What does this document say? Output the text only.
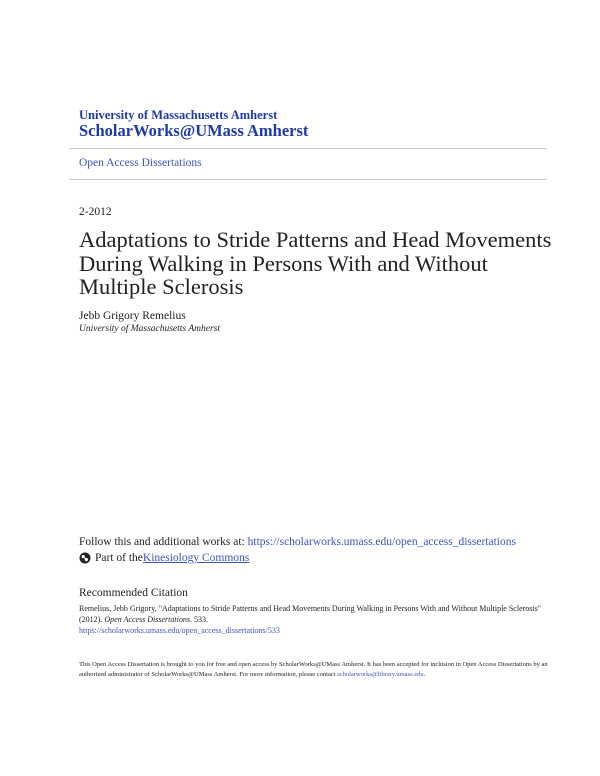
University of Massachusetts Amherst
ScholarWorks@UMass Amherst
Open Access Dissertations
2-2012
Adaptations to Stride Patterns and Head Movements During Walking in Persons With and Without Multiple Sclerosis
Jebb Grigory Remelius
University of Massachusetts Amherst
Follow this and additional works at: https://scholarworks.umass.edu/open_access_dissertations
Part of the Kinesiology Commons
Recommended Citation
Remelius, Jebb Grigory, "Adaptations to Stride Patterns and Head Movements During Walking in Persons With and Without Multiple Sclerosis" (2012). Open Access Dissertations. 533.
https://scholarworks.umass.edu/open_access_dissertations/533
This Open Access Dissertation is brought to you for free and open access by ScholarWorks@UMass Amherst. It has been accepted for inclusion in Open Access Dissertations by an authorized administrator of ScholarWorks@UMass Amherst. For more information, please contact scholarworks@library.umass.edu.
